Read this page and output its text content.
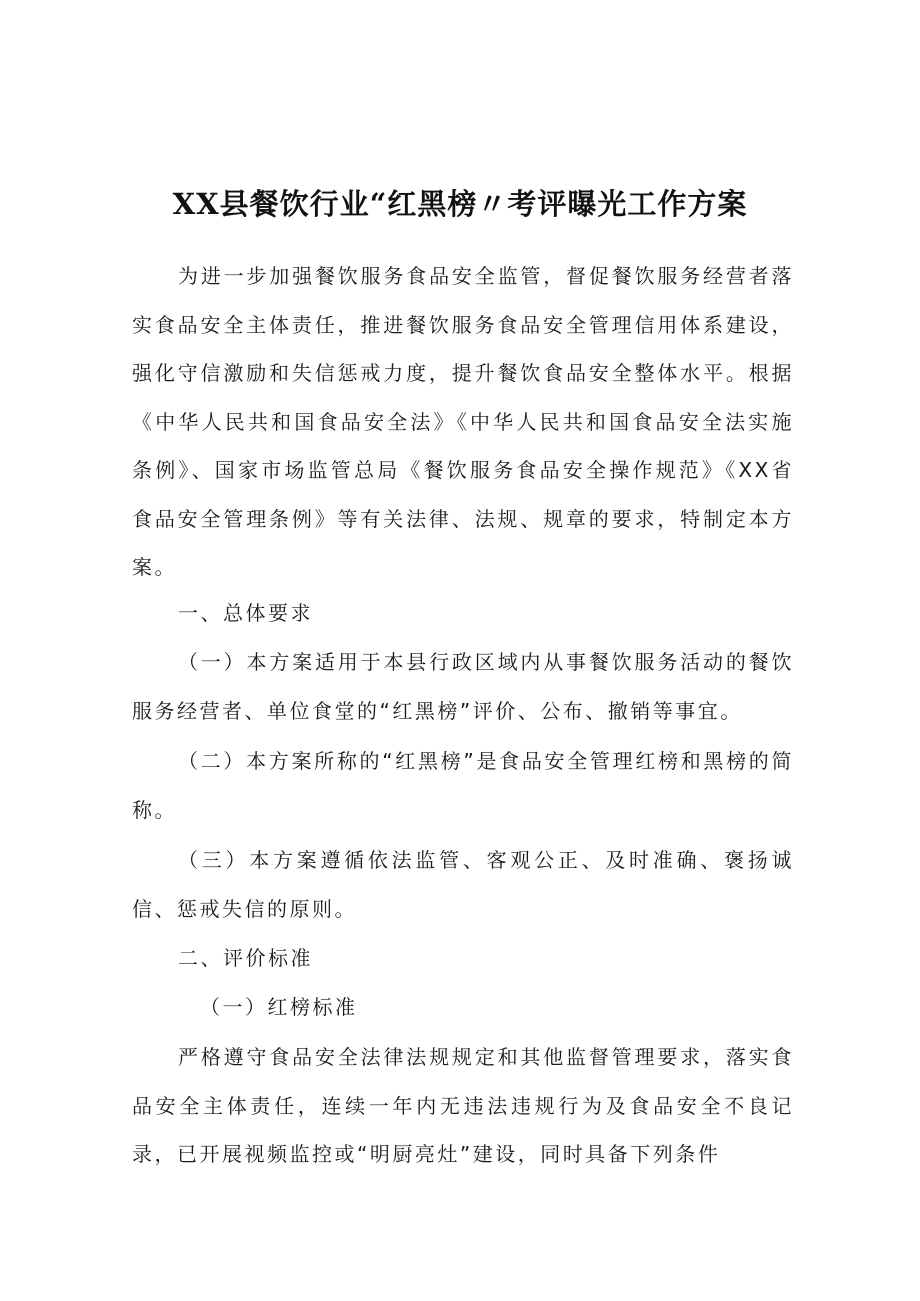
XX县餐饮行业“红黑榜〃考评曝光工作方案

为进一步加强餐饮服务食品安全监管，督促餐饮服务经营者落实食品安全主体责任，推进餐饮服务食品安全管理信用体系建设，强化守信激励和失信惩戒力度，提升餐饮食品安全整体水平。根据《中华人民共和国食品安全法》《中华人民共和国食品安全法实施条例》、国家市场监管总局《餐饮服务食品安全操作规范》《XX省食品安全管理条例》等有关法律、法规、规章的要求，特制定本方案。

一、总体要求

（一）本方案适用于本县行政区域内从事餐饮服务活动的餐饮服务经营者、单位食堂的“红黑榜”评价、公布、撤销等事宜。

（二）本方案所称的“红黑榜”是食品安全管理红榜和黑榜的简称。

（三）本方案遵循依法监管、客观公正、及时准确、褒扬诚信、惩戒失信的原则。

二、评价标准

（一）红榜标准

严格遵守食品安全法律法规规定和其他监督管理要求，落实食品安全主体责任，连续一年内无违法违规行为及食品安全不良记录，已开展视频监控或“明厨亮灶”建设，同时具备下列条件
